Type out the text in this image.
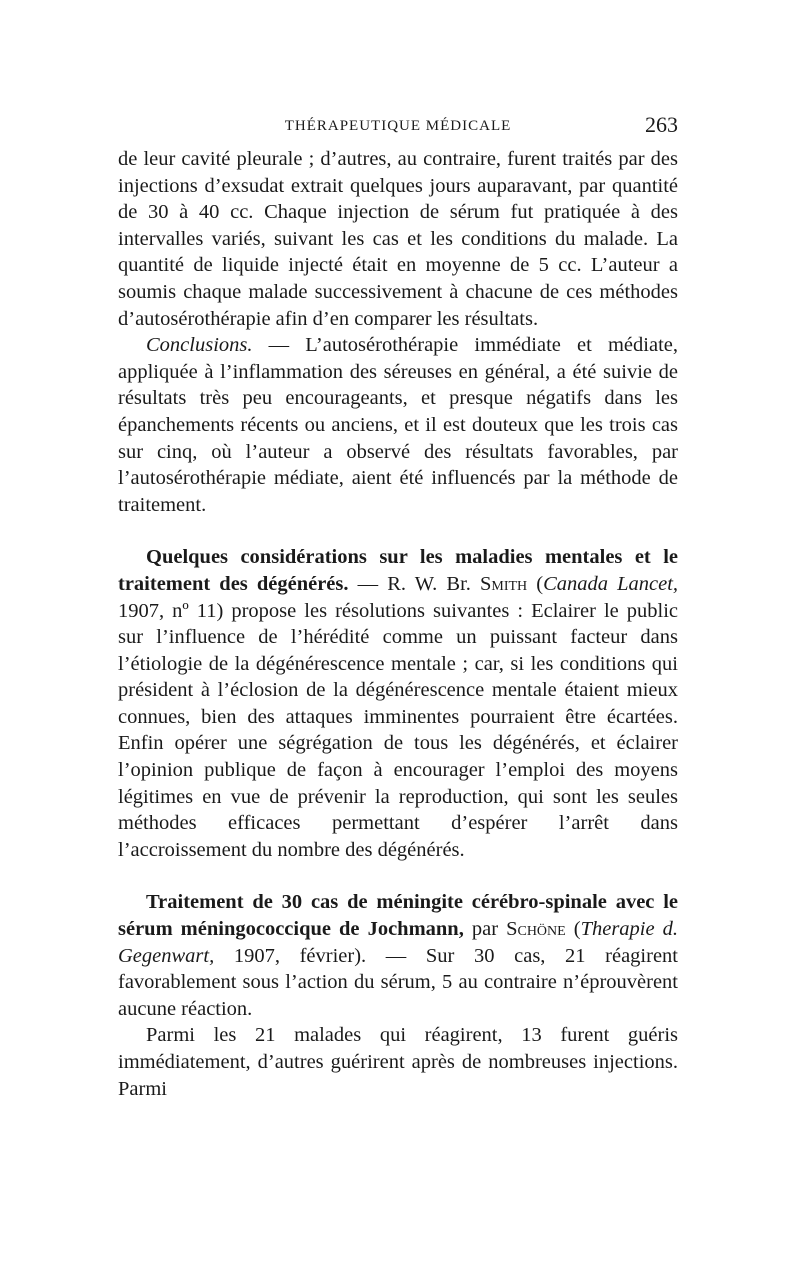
THÉRAPEUTIQUE MÉDICALE	263

de leur cavité pleurale ; d’autres, au contraire, furent traités par des injections d’exsudat extrait quelques jours auparavant, par quantité de 30 à 40 cc. Chaque injection de sérum fut pratiquée à des intervalles variés, suivant les cas et les conditions du malade. La quantité de liquide injecté était en moyenne de 5 cc. L’auteur a soumis chaque malade successivement à chacune de ces méthodes d’autosérothérapie afin d’en comparer les résultats.

Conclusions. — L’autosérothérapie immédiate et médiate, appliquée à l’inflammation des séreuses en général, a été suivie de résultats très peu encourageants, et presque négatifs dans les épanchements récents ou anciens, et il est douteux que les trois cas sur cinq, où l’auteur a observé des résultats favorables, par l’autosérothérapie médiate, aient été influencés par la méthode de traitement.

Quelques considérations sur les maladies mentales et le traitement des dégénérés. — R. W. Br. Smith (Canada Lancet, 1907, nº 11) propose les résolutions suivantes : Eclairer le public sur l’influence de l’hérédité comme un puissant facteur dans l’étiologie de la dégénérescence mentale ; car, si les conditions qui président à l’éclosion de la dégénérescence mentale étaient mieux connues, bien des attaques imminentes pourraient être écartées. Enfin opérer une ségrégation de tous les dégénérés, et éclairer l’opinion publique de façon à encourager l’emploi des moyens légitimes en vue de prévenir la reproduction, qui sont les seules méthodes efficaces permettant d’espérer l’arrêt dans l’accroissement du nombre des dégénérés.

Traitement de 30 cas de méningite cérébro-spinale avec le sérum méningococcique de Jochmann, par Schöne (Therapie d. Gegenwart, 1907, février). — Sur 30 cas, 21 réagirent favorablement sous l’action du sérum, 5 au contraire n’éprouvèrent aucune réaction.

Parmi les 21 malades qui réagirent, 13 furent guéris immédiatement, d’autres guérirent après de nombreuses injections. Parmi
